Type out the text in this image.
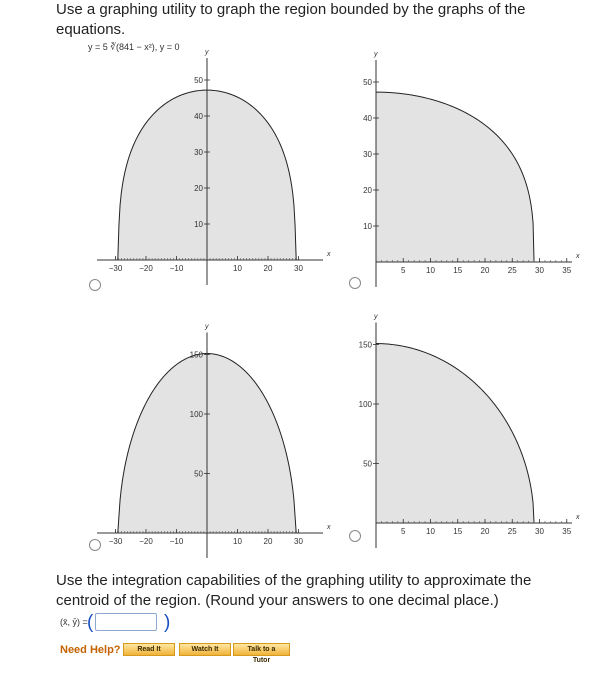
Use a graphing utility to graph the region bounded by the graphs of the equations.
y = 5 ∛(841 − x²), y = 0
x
y
−30 −20 −10	10	20	30
10
20
30
40
50
x
y
5	10 15 20 25 30 35
10
20
30
40
50
x
y
−30 −20 −10	10	20	30
50
100
150
x
y
5	10 15 20 25 30 35
50
100
150
Use the integration capabilities of the graphing utility to approximate the centroid of the region. (Round your answers to one decimal place.)
(x̄, ȳ) = (	)
Need Help?	Read It	Watch It	Talk to a Tutor
